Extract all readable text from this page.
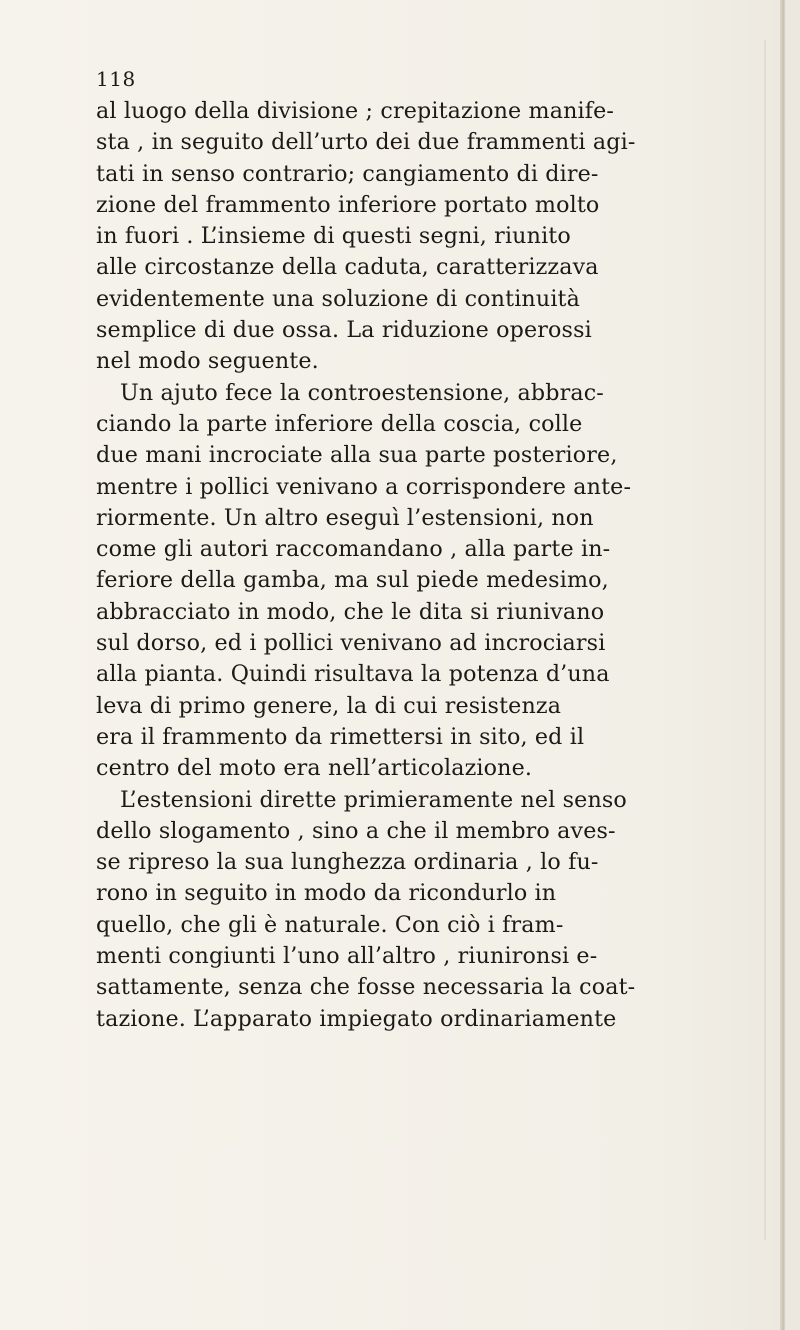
118
al luogo della divisione ; crepitazione manife-
sta , in seguito dell’urto dei due frammenti agi-
tati in senso contrario; cangiamento di dire-
zione del frammento inferiore portato molto
in fuori . L’insieme di questi segni, riunito
alle circostanze della caduta, caratterizzava
evidentemente una soluzione di continuità
semplice di due ossa. La riduzione operossi
nel modo seguente.
Un ajuto fece la controestensione, abbrac-
ciando la parte inferiore della coscia, colle
due mani incrociate alla sua parte posteriore,
mentre i pollici venivano a corrispondere ante-
riormente. Un altro eseguì l’estensioni, non
come gli autori raccomandano , alla parte in-
feriore della gamba, ma sul piede medesimo,
abbracciato in modo, che le dita si riunivano
sul dorso, ed i pollici venivano ad incrociarsi
alla pianta. Quindi risultava la potenza d’una
leva di primo genere, la di cui resistenza
era il frammento da rimettersi in sito, ed il
centro del moto era nell’articolazione.
L’estensioni dirette primieramente nel senso
dello slogamento , sino a che il membro aves-
se ripreso la sua lunghezza ordinaria , lo fu-
rono in seguito in modo da ricondurlo in
quello, che gli è naturale. Con ciò i fram-
menti congiunti l’uno all’altro , riunironsi e-
sattamente, senza che fosse necessaria la coat-
tazione. L’apparato impiegato ordinariamente
